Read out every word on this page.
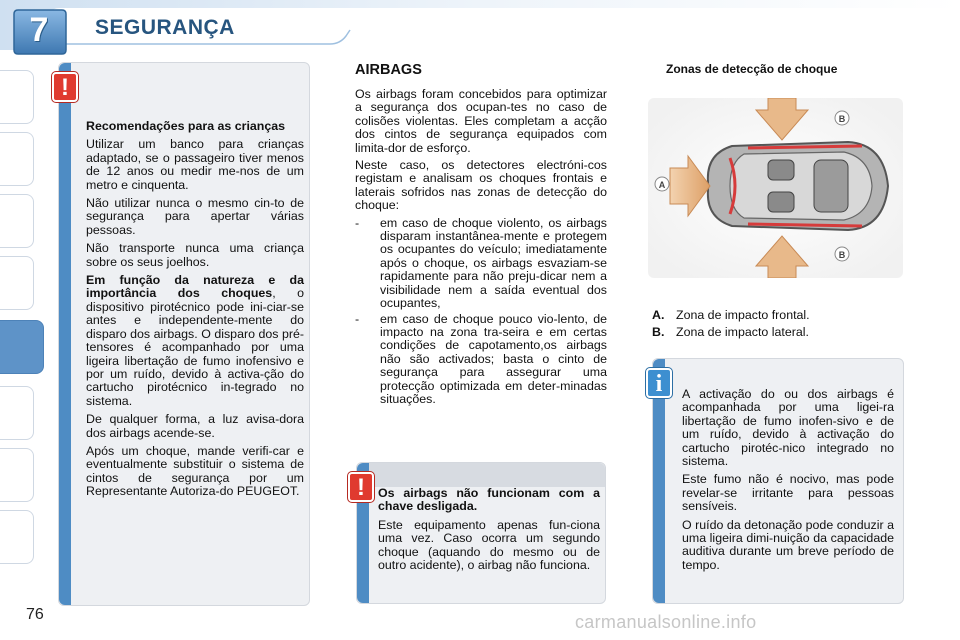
7	SEGURANÇA
76
!

Recomendações para as crianças

Utilizar um banco para crianças adaptado, se o passageiro tiver menos de 12 anos ou medir me-nos de um metro e cinquenta.

Não utilizar nunca o mesmo cin-to de segurança para apertar várias pessoas.

Não transporte nunca uma criança sobre os seus joelhos.

Em função da natureza e da importância dos choques, o dispositivo pirotécnico pode ini-ciar-se antes e independente-mente do disparo dos airbags. O disparo dos pré-tensores é acompanhado por uma ligeira libertação de fumo inofensivo e por um ruído, devido à activa-ção do cartucho pirotécnico in-tegrado no sistema.

De qualquer forma, a luz avisa-dora dos airbags acende-se.

Após um choque, mande verifi-car e eventualmente substituir o sistema de cintos de segurança por um Representante Autoriza-do PEUGEOT.

AIRBAGS

Os airbags foram concebidos para optimizar a segurança dos ocupan-tes no caso de colisões violentas. Eles completam a acção dos cintos de segurança equipados com limita-dor de esforço.

Neste caso, os detectores electróni-cos registam e analisam os choques frontais e laterais sofridos nas zonas de detecção do choque:

-	em caso de choque violento, os airbags disparam instantânea-mente e protegem os ocupantes do veículo; imediatamente após o choque, os airbags esvaziam-se rapidamente para não preju-dicar nem a visibilidade nem a saída eventual dos ocupantes,
-	em caso de choque pouco vio-lento, de impacto na zona tra-seira e em certas condições de capotamento,os airbags não são activados; basta o cinto de segurança para assegurar uma protecção optimizada em deter-minadas situações.
!	Os airbags não funcionam com a chave desligada.

Este equipamento apenas fun-ciona uma vez. Caso ocorra um segundo choque (aquando do mesmo ou de outro acidente), o airbag não funciona.

Zonas de detecção de choque
A
B
B
A. Zona de impacto frontal.
B. Zona de impacto lateral.
i	A activação do ou dos airbags é acompanhada por uma ligei-ra libertação de fumo inofen-sivo e de um ruído, devido à activação do cartucho pirotéc-nico integrado no sistema.

Este fumo não é nocivo, mas pode revelar-se irritante para pessoas sensíveis.

O ruído da detonação pode conduzir a uma ligeira dimi-nuição da capacidade auditiva durante um breve período de tempo.

carmanualsonline.info
